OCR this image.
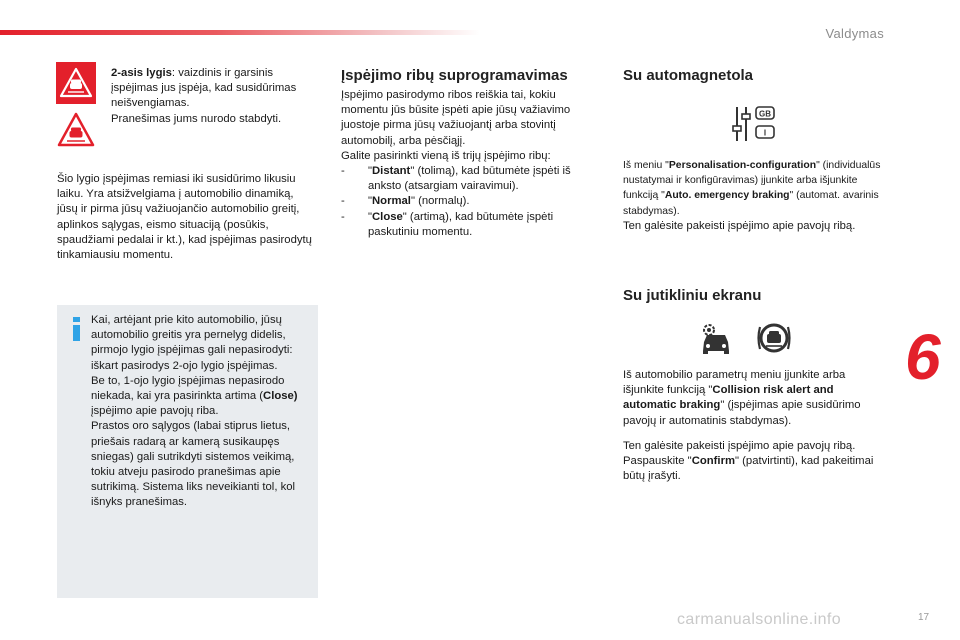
Valdymas

2-asis lygis: vaizdinis ir garsinis įspėjimas jus įspėja, kad susidūrimas neišvengiamas.

Pranešimas jums nurodo stabdyti.

Šio lygio įspėjimas remiasi iki susidūrimo likusiu laiku. Yra atsižvelgiama į automobilio dinamiką, jūsų ir pirma jūsų važiuojančio automobilio greitį, aplinkos sąlygas, eismo situaciją (posūkis, spaudžiami pedalai ir kt.), kad įspėjimas pasirodytų tinkamiausiu momentu.

Kai, artėjant prie kito automobilio, jūsų automobilio greitis yra pernelyg didelis, pirmojo lygio įspėjimas gali nepasirodyti: iškart pasirodys 2-ojo lygio įspėjimas.

Be to, 1-ojo lygio įspėjimas nepasirodo niekada, kai yra pasirinkta artima (Close) įspėjimo apie pavojų riba.

Prastos oro sąlygos (labai stiprus lietus, priešais radarą ar kamerą susikaupęs sniegas) gali sutrikdyti sistemos veikimą, tokiu atveju pasirodo pranešimas apie sutrikimą. Sistema liks neveikianti tol, kol išnyks pranešimas.

Įspėjimo ribų suprogramavimas

Įspėjimo pasirodymo ribos reiškia tai, kokiu momentu jūs būsite įspėti apie jūsų važiavimo juostoje pirma jūsų važiuojantį arba stovintį automobilį, arba pėsčiąjį.

Galite pasirinkti vieną iš trijų įspėjimo ribų:

- "Distant" (tolimą), kad būtumėte įspėti iš anksto (atsargiam vairavimui).
- "Normal" (normalų).
- "Close" (artimą), kad būtumėte įspėti paskutiniu momentu.
Su automagnetola
GB
I

Iš meniu "Personalisation-configuration" (individualūs nustatymai ir konfigūravimas) įjunkite arba išjunkite funkciją "Auto. emergency braking" (automat. avarinis stabdymas).

Ten galėsite pakeisti įspėjimo apie pavojų ribą.

Su jutikliniu ekranu

Iš automobilio parametrų meniu įjunkite arba išjunkite funkciją "Collision risk alert and automatic braking" (įspėjimas apie susidūrimo pavojų ir automatinis stabdymas).

Ten galėsite pakeisti įspėjimo apie pavojų ribą.

Paspauskite "Confirm" (patvirtinti), kad pakeitimai būtų įrašyti.

6
carmanualsonline.info	17
